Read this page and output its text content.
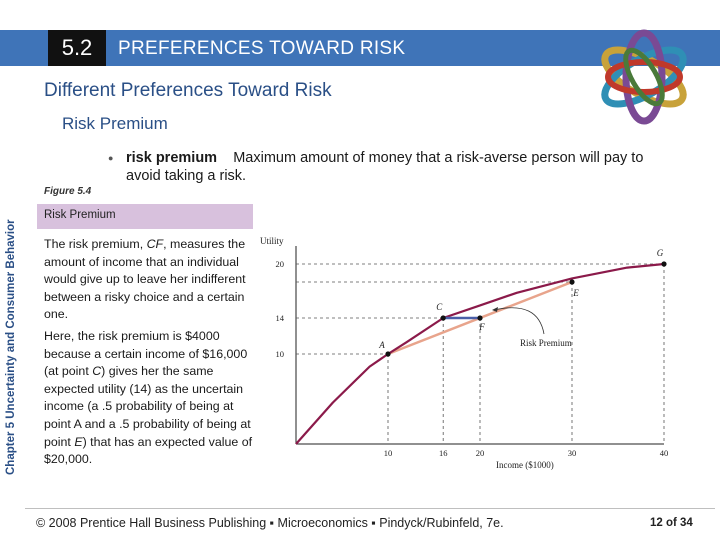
5.2	PREFERENCES TOWARD RISK
Different Preferences Toward Risk
Risk Premium
Chapter 5 Uncertainty and Consumer Behavior
● risk premium Maximum amount of money that a risk-averse person will pay to avoid taking a risk.
Figure 5.4
Risk Premium

The risk premium, CF, measures the amount of income that an individual would give up to leave her indifferent between a risky choice and a certain one.

Here, the risk premium is $4000 because a certain income of $16,000 (at point C) gives her the same expected utility (14) as the uncertain income (a .5 probability of being at point A and a .5 probability of being at point E) that has an expected value of $20,000.

Utility
Income ($1000)
10	16	20	30	40
10
14
20
A
C
F
E
G
Risk Premium
© 2008 Prentice Hall Business Publishing ▪ Microeconomics ▪ Pindyck/Rubinfeld, 7e.	12 of 34
